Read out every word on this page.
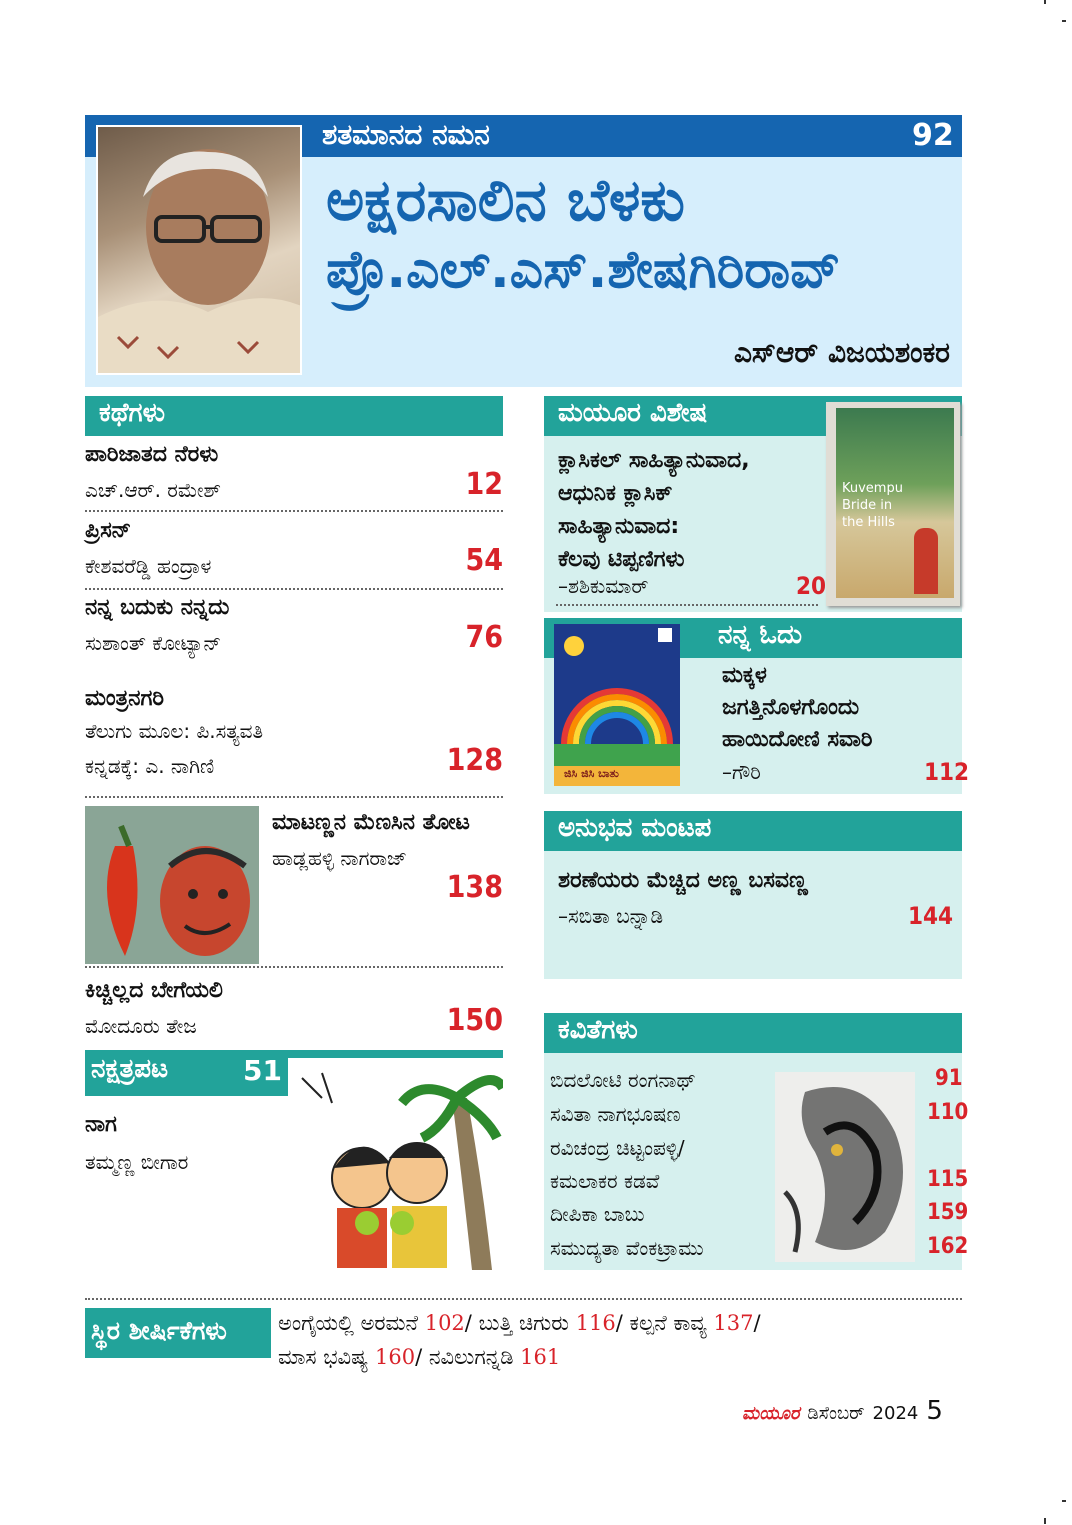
ಶತಮಾನದ ನಮನ	92
ಅಕ್ಷರಸಾಲಿನ ಬೆಳಕು
ಪ್ರೊ.ಎಲ್.ಎಸ್.ಶೇಷಗಿರಿರಾವ್
ಎಸ್‌ಆರ್ ವಿಜಯಶಂಕರ
ಕಥೆಗಳು
ಪಾರಿಜಾತದ ನೆರಳು
ಎಚ್.ಆರ್. ರಮೇಶ್	12
ಪ್ರಿಸನ್
ಕೇಶವರೆಡ್ಡಿ ಹಂದ್ರಾಳ	54
ನನ್ನ ಬದುಕು ನನ್ನದು
ಸುಶಾಂತ್ ಕೋಟ್ಯಾನ್	76
ಮಂತ್ರನಗರಿ
ತೆಲುಗು ಮೂಲ: ಪಿ.ಸತ್ಯವತಿ
ಕನ್ನಡಕ್ಕೆ: ಎ. ನಾಗಿಣಿ	128
ಮಾಟಣ್ಣನ ಮೆಣಸಿನ ತೋಟ
ಹಾಡ್ಲಹಳ್ಳಿ ನಾಗರಾಜ್
138
ಕಿಚ್ಚಿಲ್ಲದ ಬೇಗೆಯಲಿ
ಮೋದೂರು ತೇಜ	150
ನಕ್ಷತ್ರಪಟ	51
ನಾಗ
ತಮ್ಮಣ್ಣ ಬೀಗಾರ
ಮಯೂರ ವಿಶೇಷ
ಕ್ಲಾಸಿಕಲ್ ಸಾಹಿತ್ಯಾನುವಾದ,
ಆಧುನಿಕ ಕ್ಲಾಸಿಕ್
ಸಾಹಿತ್ಯಾನುವಾದ:
ಕೆಲವು ಟಿಪ್ಪಣಿಗಳು
–ಶಶಿಕುಮಾರ್	20
Kuvempu
Bride in
the Hills
ನನ್ನ ಓದು
ಜಿಸಿ ಜಿಸಿ ಬಾತು
ಮಕ್ಕಳ
ಜಗತ್ತಿನೊಳಗೊಂದು
ಹಾಯಿದೋಣಿ ಸವಾರಿ
–ಗೌರಿ	112
ಅನುಭವ ಮಂಟಪ
ಶರಣೆಯರು ಮೆಚ್ಚಿದ ಅಣ್ಣ ಬಸವಣ್ಣ
–ಸಬಿತಾ ಬನ್ನಾಡಿ	144
ಕವಿತೆಗಳು
ಬಿದಲೋಟಿ ರಂಗನಾಥ್	91
ಸವಿತಾ ನಾಗಭೂಷಣ	110
ರವಿಚಂದ್ರ ಚಿಟ್ಟಂಪಳ್ಳಿ/
ಕಮಲಾಕರ ಕಡವೆ	115
ದೀಪಿಕಾ ಬಾಬು	159
ಸಮುದ್ಯತಾ ವೆಂಕಟ್ರಾಮು	162
ಸ್ಥಿರ ಶೀರ್ಷಿಕೆಗಳು	ಅಂಗೈಯಲ್ಲಿ ಅರಮನೆ 102/ ಬುತ್ತಿ ಚಿಗುರು 116/ ಕಲ್ಪನೆ ಕಾವ್ಯ 137/
ಮಾಸ ಭವಿಷ್ಯ 160/ ನವಿಲುಗನ್ನಡಿ 161
ಮಯೂರ ಡಿಸೆಂಬರ್ 2024 5
